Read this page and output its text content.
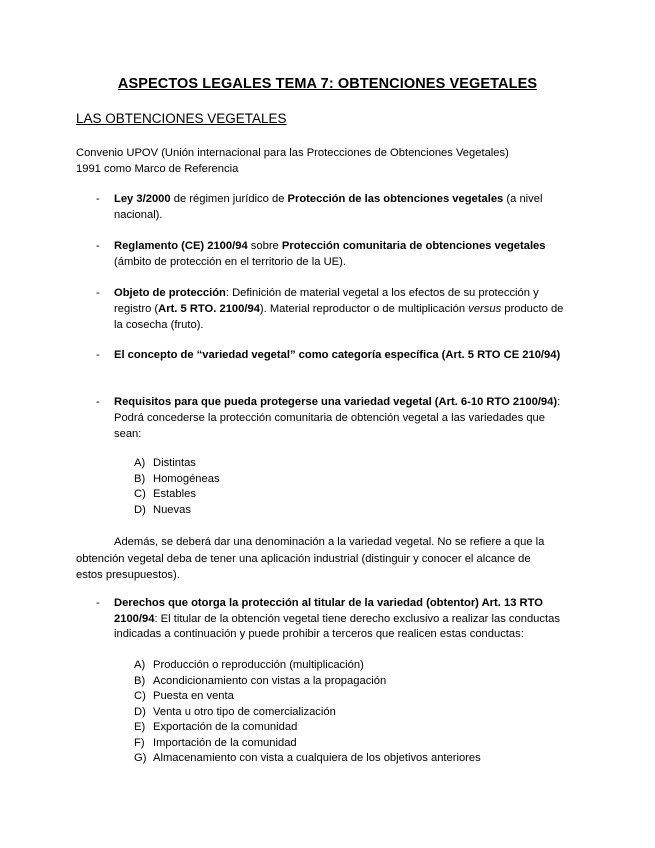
ASPECTOS LEGALES TEMA 7: OBTENCIONES VEGETALES
LAS OBTENCIONES VEGETALES
Convenio UPOV (Unión internacional para las Protecciones de Obtenciones Vegetales)
1991 como Marco de Referencia
- Ley 3/2000 de régimen jurídico de Protección de las obtenciones vegetales (a nivel nacional).
- Reglamento (CE) 2100/94 sobre Protección comunitaria de obtenciones vegetales (ámbito de protección en el territorio de la UE).
- Objeto de protección: Definición de material vegetal a los efectos de su protección y registro (Art. 5 RTO. 2100/94). Material reproductor o de multiplicación versus producto de la cosecha (fruto).
- El concepto de “variedad vegetal” como categoría específica (Art. 5 RTO CE 210/94)
- Requisitos para que pueda protegerse una variedad vegetal (Art. 6-10 RTO 2100/94): Podrá concederse la protección comunitaria de obtención vegetal a las variedades que sean:
A) Distintas
B) Homogéneas
C) Estables
D) Nuevas
Además, se deberá dar una denominación a la variedad vegetal. No se refiere a que la obtención vegetal deba de tener una aplicación industrial (distinguir y conocer el alcance de estos presupuestos).
- Derechos que otorga la protección al titular de la variedad (obtentor) Art. 13 RTO 2100/94: El titular de la obtención vegetal tiene derecho exclusivo a realizar las conductas indicadas a continuación y puede prohibir a terceros que realicen estas conductas:
A) Producción o reproducción (multiplicación)
B) Acondicionamiento con vistas a la propagación
C) Puesta en venta
D) Venta u otro tipo de comercialización
E) Exportación de la comunidad
F) Importación de la comunidad
G) Almacenamiento con vista a cualquiera de los objetivos anteriores
